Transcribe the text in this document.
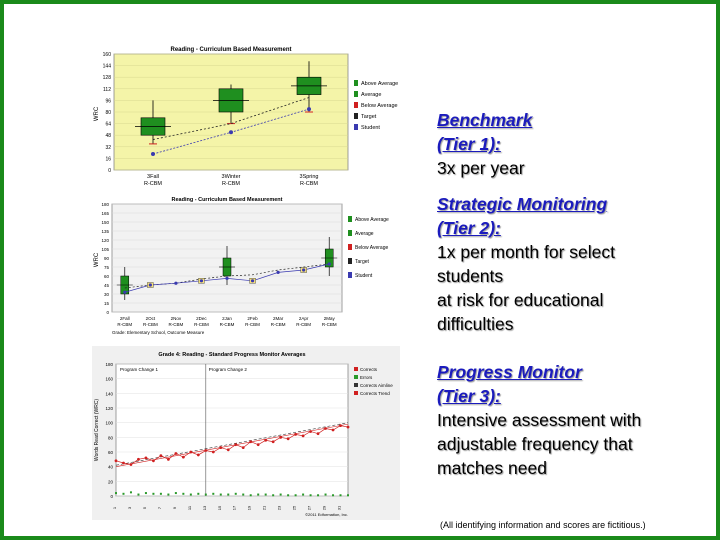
Reading - Curriculum Based Measurement
WRC
0
16
32
48
64
80
96
112
128
144
160
3Fall
R-CBM
3Winter
R-CBM
3Spring
R-CBM
Above Average
Average
Below Average
Target
Student
Reading - Curriculum Based Measurement
WRC
0
15
30
45
60
75
90
105
120
135
150
165
180
2Fall
R-CBM
2Oct
R-CBM
2Nov
R-CBM
2Dec
R-CBM
2Jan
R-CBM
2Feb
R-CBM
2Mar
R-CBM
2Apr
R-CBM
2May
R-CBM
Grade: Elementary School, Outcome Measure
Above Average
Average
Below Average
Target
Student
Grade 4: Reading - Standard Progress Monitor Averages
Words Read Correct (WRC)
0
20
40
60
80
100
120
140
160
180
Program Change 1	Program Change 2
1 3 5 7 9 11 13 15 17 19 21 23 25 27 29 31
©2011 Edformation, Inc.
Corrects
Errors
Corrects Aimline
Corrects Trend
Benchmark
(Tier 1):
3x per year
Strategic Monitoring
(Tier 2):
1x per month for select
students
at risk for educational
difficulties
Progress Monitor
(Tier 3):
Intensive assessment with
adjustable frequency that
matches need
(All identifying information and scores are fictitious.)
